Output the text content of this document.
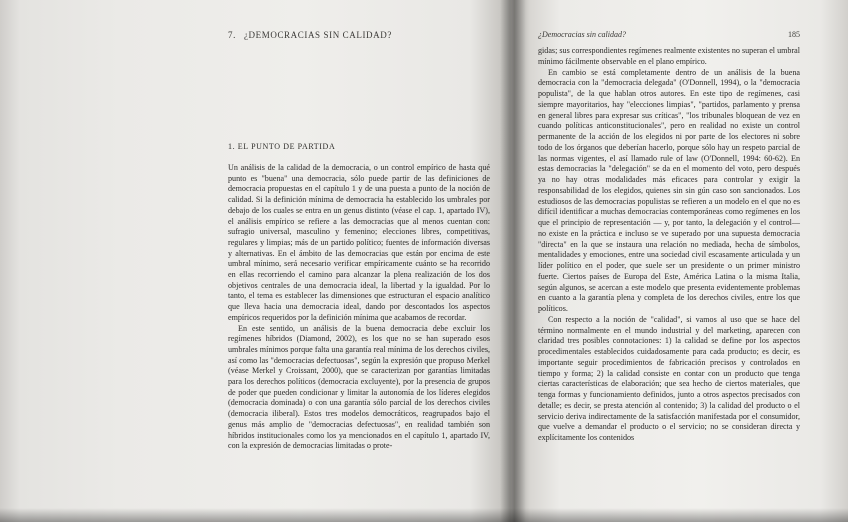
7. ¿DEMOCRACIAS SIN CALIDAD?
1. EL PUNTO DE PARTIDA

Un análisis de la calidad de la democracia, o un control empírico de hasta qué punto es "buena" una democracia, sólo puede partir de las definiciones de democracia propuestas en el capítulo 1 y de una puesta a punto de la noción de calidad. Si la definición mínima de democracia ha establecido los umbrales por debajo de los cuales se entra en un genus distinto (véase el cap. 1, apartado IV), el análisis empírico se refiere a las democracias que al menos cuentan con: sufragio universal, masculino y femenino; elecciones libres, competitivas, regulares y limpias; más de un partido político; fuentes de información diversas y alternativas. En el ámbito de las democracias que están por encima de este umbral mínimo, será necesario verificar empíricamente cuánto se ha recorrido en ellas recorriendo el camino para alcanzar la plena realización de los dos objetivos centrales de una democracia ideal, la libertad y la igualdad. Por lo tanto, el tema es establecer las dimensiones que estructuran el espacio analítico que lleva hacia una democracia ideal, dando por descontados los aspectos empíricos requeridos por la definición mínima que acabamos de recordar.

En este sentido, un análisis de la buena democracia debe excluir los regímenes híbridos (Diamond, 2002), es los que no se han superado esos umbrales mínimos porque falta una garantía real mínima de los derechos civiles, así como las "democracias defectuosas", según la expresión que propuso Merkel (véase Merkel y Croissant, 2000), que se caracterizan por garantías limitadas para los derechos políticos (democracia excluyente), por la presencia de grupos de poder que pueden condicionar y limitar la autonomía de los líderes elegidos (democracia dominada) o con una garantía sólo parcial de los derechos civiles (democracia iliberal). Estos tres modelos democráticos, reagrupados bajo el genus más amplio de "democracias defectuosas", en realidad también son híbridos institucionales como los ya mencionados en el capítulo 1, apartado IV, con la expresión de democracias limitadas o prote-

¿Democracias sin calidad?	185

gidas; sus correspondientes regímenes realmente existentes no superan el umbral mínimo fácilmente observable en el plano empírico.

En cambio se está completamente dentro de un análisis de la buena democracia con la "democracia delegada" (O'Donnell, 1994), o la "democracia populista", de la que hablan otros autores. En este tipo de regímenes, casi siempre mayoritarios, hay "elecciones limpias", "partidos, parlamento y prensa en general libres para expresar sus críticas", "los tribunales bloquean de vez en cuando políticas anticonstitucionales", pero en realidad no existe un control permanente de la acción de los elegidos ni por parte de los electores ni sobre todo de los órganos que deberían hacerlo, porque sólo hay un respeto parcial de las normas vigentes, el así llamado rule of law (O'Donnell, 1994: 60-62). En estas democracias la "delegación" se da en el momento del voto, pero después ya no hay otras modalidades más eficaces para controlar y exigir la responsabilidad de los elegidos, quienes sin sin gún caso son sancionados. Los estudiosos de las democracias populistas se refieren a un modelo en el que no es difícil identificar a muchas democracias contemporáneas como regímenes en los que el principio de representación — y, por tanto, la delegación y el control— no existe en la práctica e incluso se ve superado por una supuesta democracia "directa" en la que se instaura una relación no mediada, hecha de símbolos, mentalidades y emociones, entre una sociedad civil escasamente articulada y un líder político en el poder, que suele ser un presidente o un primer ministro fuerte. Ciertos países de Europa del Este, América Latina o la misma Italia, según algunos, se acercan a este modelo que presenta evidentemente problemas en cuanto a la garantía plena y completa de los derechos civiles, entre los que políticos.

Con respecto a la noción de "calidad", si vamos al uso que se hace del término normalmente en el mundo industrial y del marketing, aparecen con claridad tres posibles connotaciones: 1) la calidad se define por los aspectos procedimentales establecidos cuidadosamente para cada producto; es decir, es importante seguir procedimientos de fabricación precisos y controlados en tiempo y forma; 2) la calidad consiste en contar con un producto que tenga ciertas características de elaboración; que sea hecho de ciertos materiales, que tenga formas y funcionamiento definidos, junto a otros aspectos precisados con detalle; es decir, se presta atención al contenido; 3) la calidad del producto o el servicio deriva indirectamente de la satisfacción manifestada por el consumidor, que vuelve a demandar el producto o el servicio; no se consideran directa y explícitamente los contenidos
